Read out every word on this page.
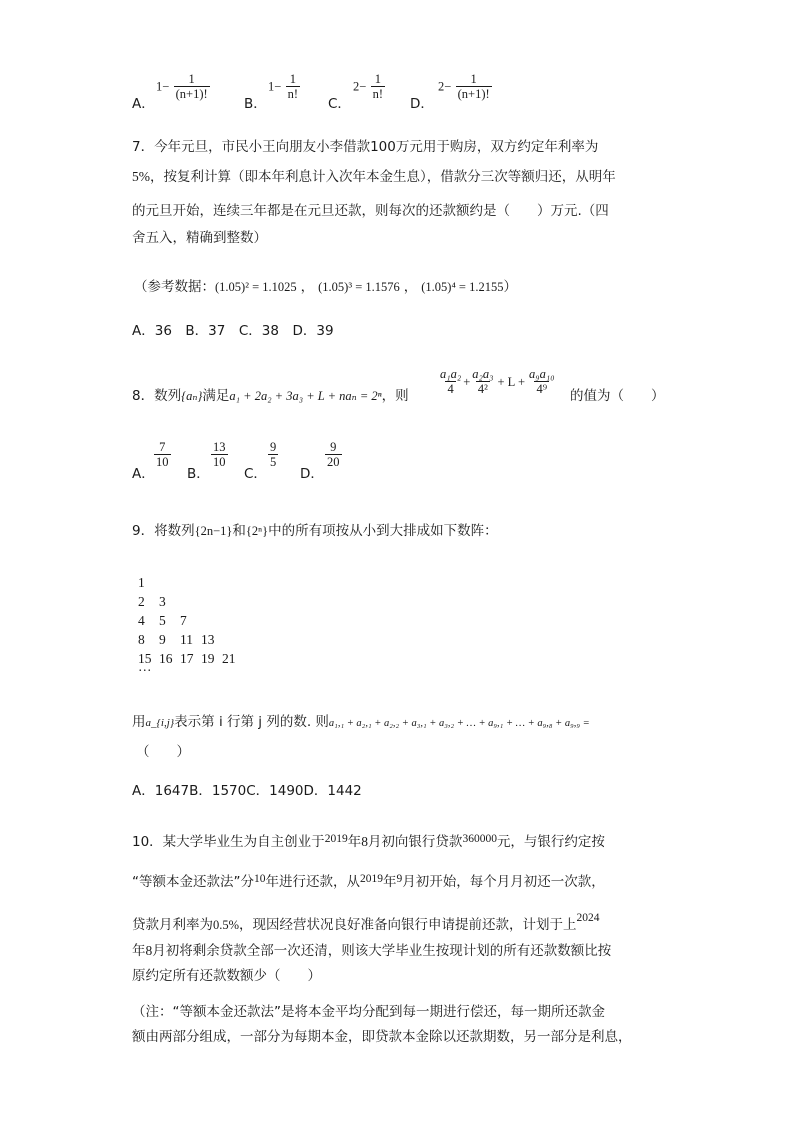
A．
$1- \frac{1}{(n+1)!}$
B．
$1- \frac{1}{n!}$
C．
$2- \frac{1}{n!}$
D．
$2- \frac{1}{(n+1)!}$
7．今年元旦，市民小王向朋友小李借款100万元用于购房，双方约定年利率为
5%，按复利计算（即本年利息计入次年本金生息），借款分三次等额归还，从明年
的元旦开始，连续三年都是在元旦还款，则每次的还款额约是（　　）万元.（四
舍五入，精确到整数）
（参考数据：(1.05)² = 1.1025 ， (1.05)³ = 1.1576 ， (1.05)⁴ = 1.2155）
A．36　B．37　C．38　D．39
8．数列{aₙ}满足a₁ + 2a₂ + 3a₃ + L + naₙ = 2ⁿ，则 $\frac{\text{a₁a₂}}{4} + \frac{\text{a₂a₃}}{\text{4²}} + L + \frac{\text{a₉a₁₀}}{\text{4⁹}}$ 的值为（　　）
A．
$\frac{7}{10}$
B．
$\frac{13}{10}$
C．
$\frac{9}{5}$
D．
$\frac{9}{20}$
9．将数列{2n−1}和{2ⁿ}中的所有项按从小到大排成如下数阵：
1
2 3
4 5 7
8 9 11 13
15 16 17 19 21
···
用a_{i,j}表示第 i 行第 j 列的数. 则a₁,₁ + a₂,₁ + a₂,₂ + a₃,₁ + a₃,₂ + … + a₉,₁ + … + a₉,₈ + a₉,₉ =
（　　）
A．1647B．1570C．1490D．1442
10．某大学毕业生为自主创业于2019年8月初向银行贷款360000元，与银行约定按
“等额本金还款法”分10年进行还款，从2019年9月初开始，每个月月初还一次款，
贷款月利率为0.5%，现因经营状况良好准备向银行申请提前还款，计划于上2024
年8月初将剩余贷款全部一次还清，则该大学毕业生按现计划的所有还款数额比按
原约定所有还款数额少（　　）
（注：“等额本金还款法”是将本金平均分配到每一期进行偿还，每一期所还款金
额由两部分组成，一部分为每期本金，即贷款本金除以还款期数，另一部分是利息，
